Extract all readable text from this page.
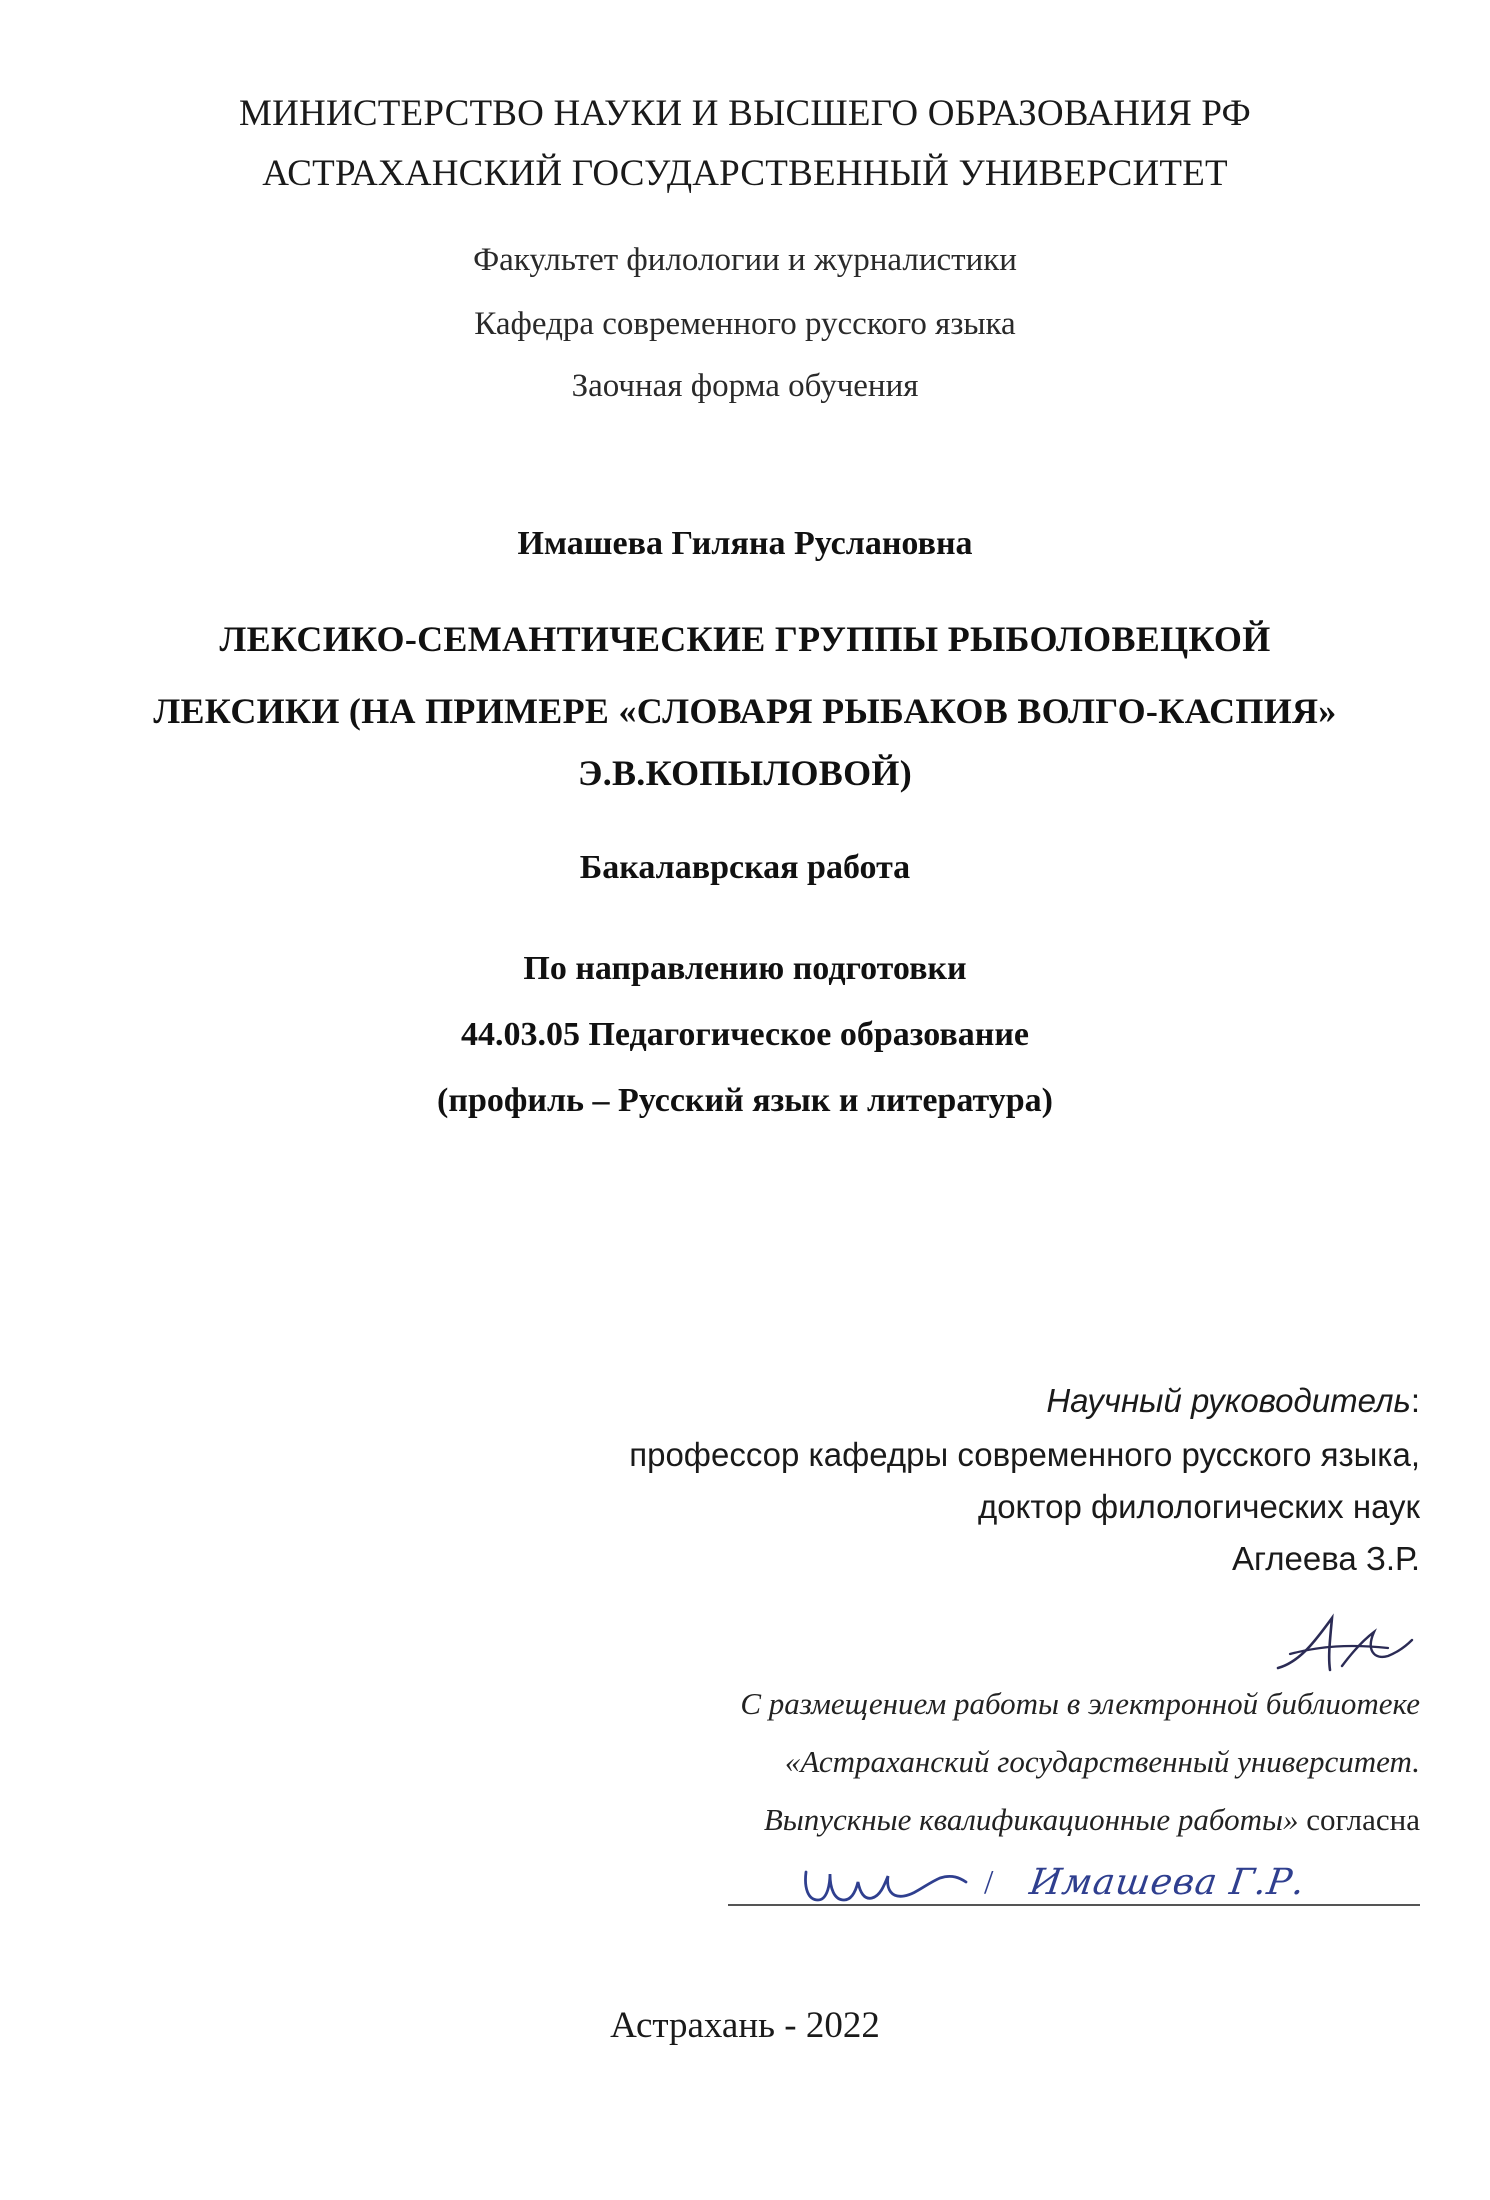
МИНИСТЕРСТВО НАУКИ И ВЫСШЕГО ОБРАЗОВАНИЯ РФ

АСТРАХАНСКИЙ ГОСУДАРСТВЕННЫЙ УНИВЕРСИТЕТ

Факультет филологии и журналистики

Кафедра современного русского языка

Заочная форма обучения

Имашева Гиляна Руслановна

ЛЕКСИКО-СЕМАНТИЧЕСКИЕ ГРУППЫ РЫБОЛОВЕЦКОЙ

ЛЕКСИКИ (НА ПРИМЕРЕ «СЛОВАРЯ РЫБАКОВ ВОЛГО-КАСПИЯ»

Э.В.КОПЫЛОВОЙ)

Бакалаврская работа

По направлению подготовки

44.03.05 Педагогическое образование

(профиль – Русский язык и литература)

Научный руководитель:
профессор кафедры современного русского языка,
доктор филологических наук
Аглеева З.Р.
С размещением работы в электронной библиотеке
«Астраханский государственный университет.
Выпускные квалификационные работы» согласна
/ Имашева Г.Р.
Астрахань - 2022
